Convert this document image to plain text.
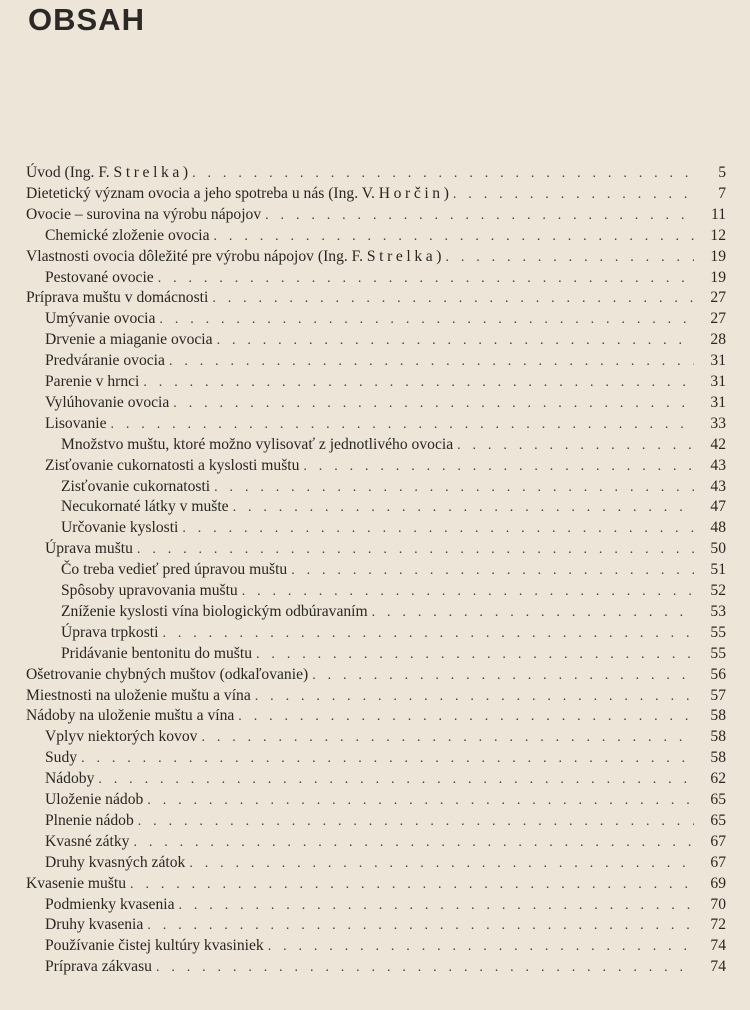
OBSAH
Úvod (Ing. F. Strelka) . . .	5
Dietetický význam ovocia a jeho spotreba u nás (Ing. V. Horčin) . . .	7
Ovocie – surovina na výrobu nápojov . . .	11
Chemické zloženie ovocia . . .	12
Vlastnosti ovocia dôležité pre výrobu nápojov (Ing. F. Strelka) . . .	19
Pestované ovocie . . .	19
Príprava muštu v domácnosti . . .	27
Umývanie ovocia . . .	27
Drvenie a miaganie ovocia . . .	28
Predváranie ovocia . . .	31
Parenie v hrnci . . .	31
Vylúhovanie ovocia . . .	31
Lisovanie . . .	33
Množstvo muštu, ktoré možno vylisovať z jednotlivého ovocia . . .	42
Zisťovanie cukornatosti a kyslosti muštu . . .	43
Zisťovanie cukornatosti . . .	43
Necukornaté látky v mušte . . .	47
Určovanie kyslosti . . .	48
Úprava muštu . . .	50
Čo treba vedieť pred úpravou muštu . . .	51
Spôsoby upravovania muštu . . .	52
Zníženie kyslosti vína biologickým odbúravaním . . .	53
Úprava trpkosti . . .	55
Pridávanie bentonitu do muštu . . .	55
Ošetrovanie chybných muštov (odkaľovanie) . . .	56
Miestnosti na uloženie muštu a vína . . .	57
Nádoby na uloženie muštu a vína . . .	58
Vplyv niektorých kovov . . .	58
Sudy . . .	58
Nádoby . . .	62
Uloženie nádob . . .	65
Plnenie nádob . . .	65
Kvasné zátky . . .	67
Druhy kvasných zátok . . .	67
Kvasenie muštu . . .	69
Podmienky kvasenia . . .	70
Druhy kvasenia . . .	72
Používanie čistej kultúry kvasiniek . . .	74
Príprava zákvasu . . .	74
